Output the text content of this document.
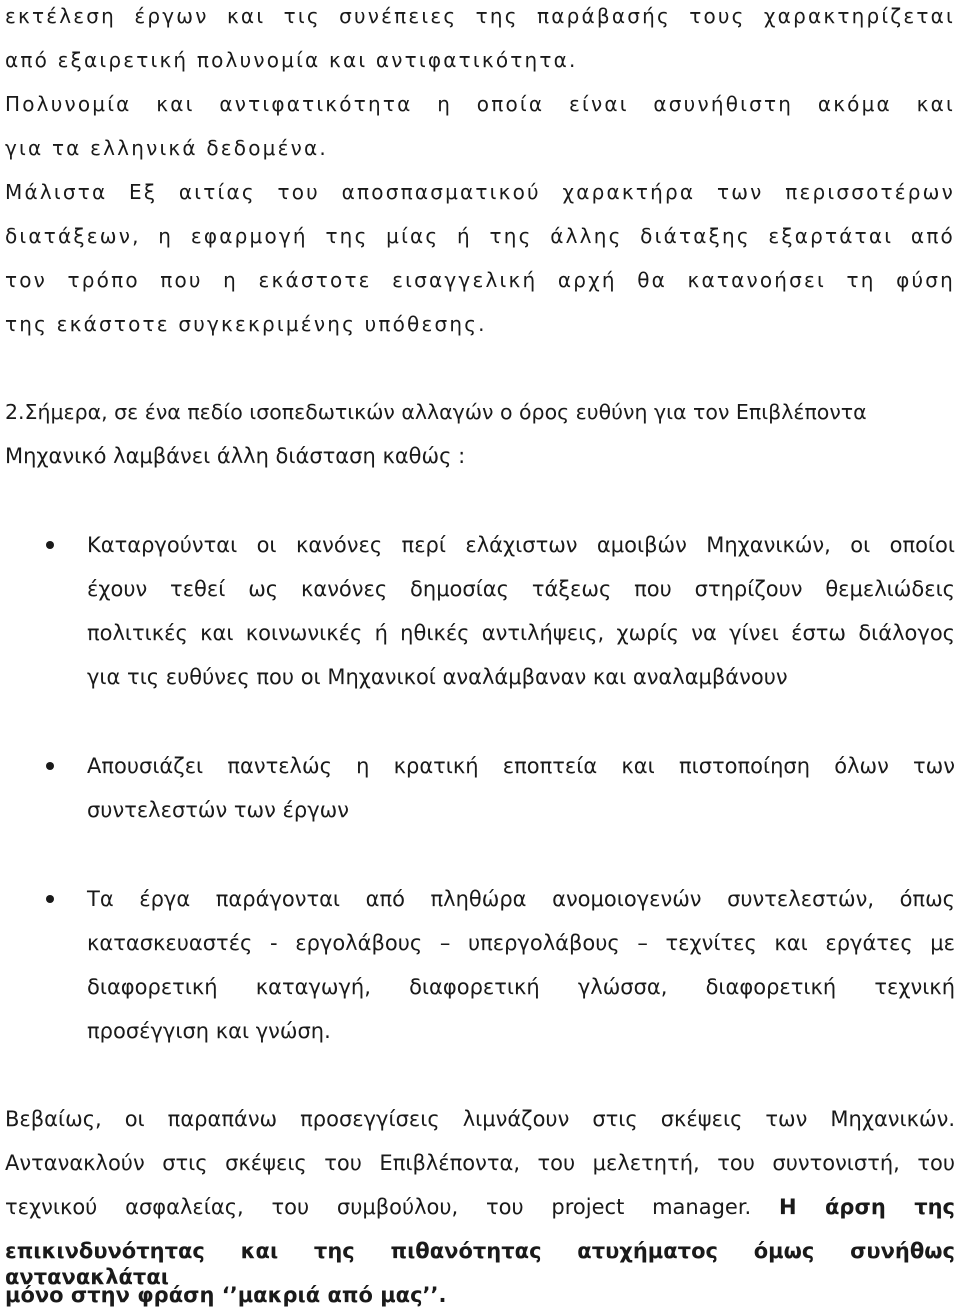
εκτέλεση έργων και τις συνέπειες της παράβασής τους χαρακτηρίζεται
από εξαιρετική πολυνομία και αντιφατικότητα.
Πολυνομία και αντιφατικότητα η οποία είναι ασυνήθιστη ακόμα και
για τα ελληνικά δεδομένα.
Μάλιστα Εξ αιτίας του αποσπασματικού χαρακτήρα των περισσοτέρων
διατάξεων, η εφαρμογή της μίας ή της άλλης διάταξης εξαρτάται από
τον τρόπο που η εκάστοτε εισαγγελική αρχή θα κατανοήσει τη φύση
της εκάστοτε συγκεκριμένης υπόθεσης.
2.Σήμερα, σε ένα πεδίο ισοπεδωτικών αλλαγών ο όρος ευθύνη για τον Επιβλέποντα
Μηχανικό λαμβάνει άλλη διάσταση καθώς :
Καταργούνται οι κανόνες περί ελάχιστων αμοιβών Μηχανικών, οι οποίοι
έχουν τεθεί ως κανόνες δημοσίας τάξεως που στηρίζουν θεμελιώδεις
πολιτικές και κοινωνικές ή ηθικές αντιλήψεις, χωρίς να γίνει έστω διάλογος
για τις ευθύνες που οι Μηχανικοί αναλάμβαναν και αναλαμβάνουν
Απουσιάζει παντελώς η κρατική εποπτεία και πιστοποίηση όλων των
συντελεστών των έργων
Τα έργα παράγονται από πληθώρα ανομοιογενών συντελεστών, όπως
κατασκευαστές - εργολάβους – υπεργολάβους – τεχνίτες και εργάτες με
διαφορετική καταγωγή, διαφορετική γλώσσα, διαφορετική τεχνική
προσέγγιση και γνώση.
Βεβαίως, οι παραπάνω προσεγγίσεις λιμνάζουν στις σκέψεις των Μηχανικών.
Αντανακλούν στις σκέψεις του Επιβλέποντα, του μελετητή, του συντονιστή, του
τεχνικού ασφαλείας, του συμβούλου, του project manager. Η άρση της
επικινδυνότητας και της πιθανότητας ατυχήματος όμως συνήθως αντανακλάται
μόνο στην φράση ‘’μακριά από μας’’.
